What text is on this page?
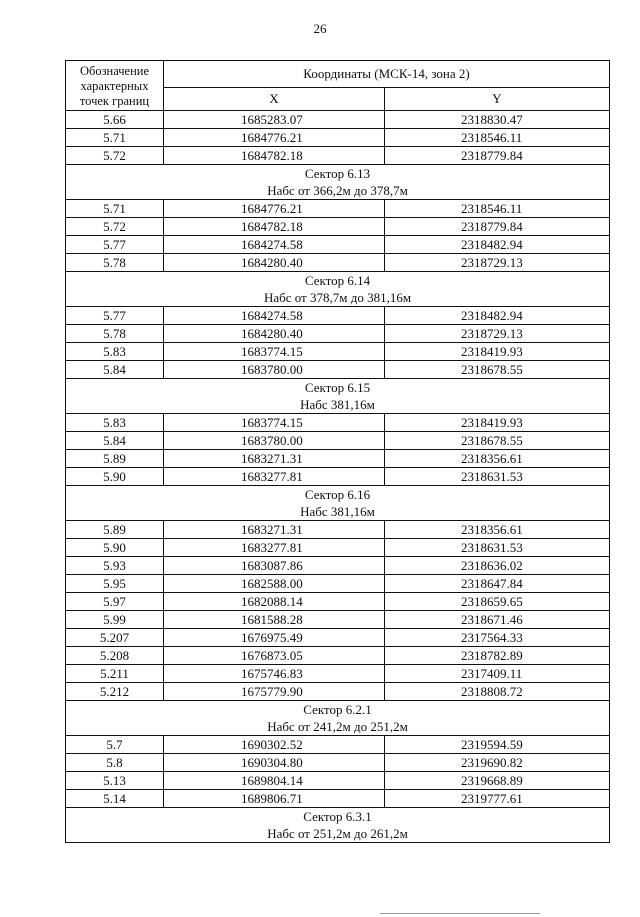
26
Обозначение характерных точек границ	Координаты (МСК-14, зона 2)	
	X	Y
5.66	1685283.07	2318830.47
5.71	1684776.21	2318546.11
5.72	1684782.18	2318779.84

Сектор 6.13
Набс от 366,2м до 378,7м		

5.71	1684776.21	2318546.11
5.72	1684782.18	2318779.84
5.77	1684274.58	2318482.94
5.78	1684280.40	2318729.13

Сектор 6.14
Набс от 378,7м до 381,16м		

5.77	1684274.58	2318482.94
5.78	1684280.40	2318729.13
5.83	1683774.15	2318419.93
5.84	1683780.00	2318678.55

Сектор 6.15
Набс 381,16м		

5.83	1683774.15	2318419.93
5.84	1683780.00	2318678.55
5.89	1683271.31	2318356.61
5.90	1683277.81	2318631.53

Сектор 6.16
Набс 381,16м		

5.89	1683271.31	2318356.61
5.90	1683277.81	2318631.53
5.93	1683087.86	2318636.02
5.95	1682588.00	2318647.84
5.97	1682088.14	2318659.65
5.99	1681588.28	2318671.46
5.207	1676975.49	2317564.33
5.208	1676873.05	2318782.89
5.211	1675746.83	2317409.11
5.212	1675779.90	2318808.72

Сектор 6.2.1
Набс от 241,2м до 251,2м		

5.7	1690302.52	2319594.59
5.8	1690304.80	2319690.82
5.13	1689804.14	2319668.89
5.14	1689806.71	2319777.61

Сектор 6.3.1
Набс от 251,2м до 261,2м		
